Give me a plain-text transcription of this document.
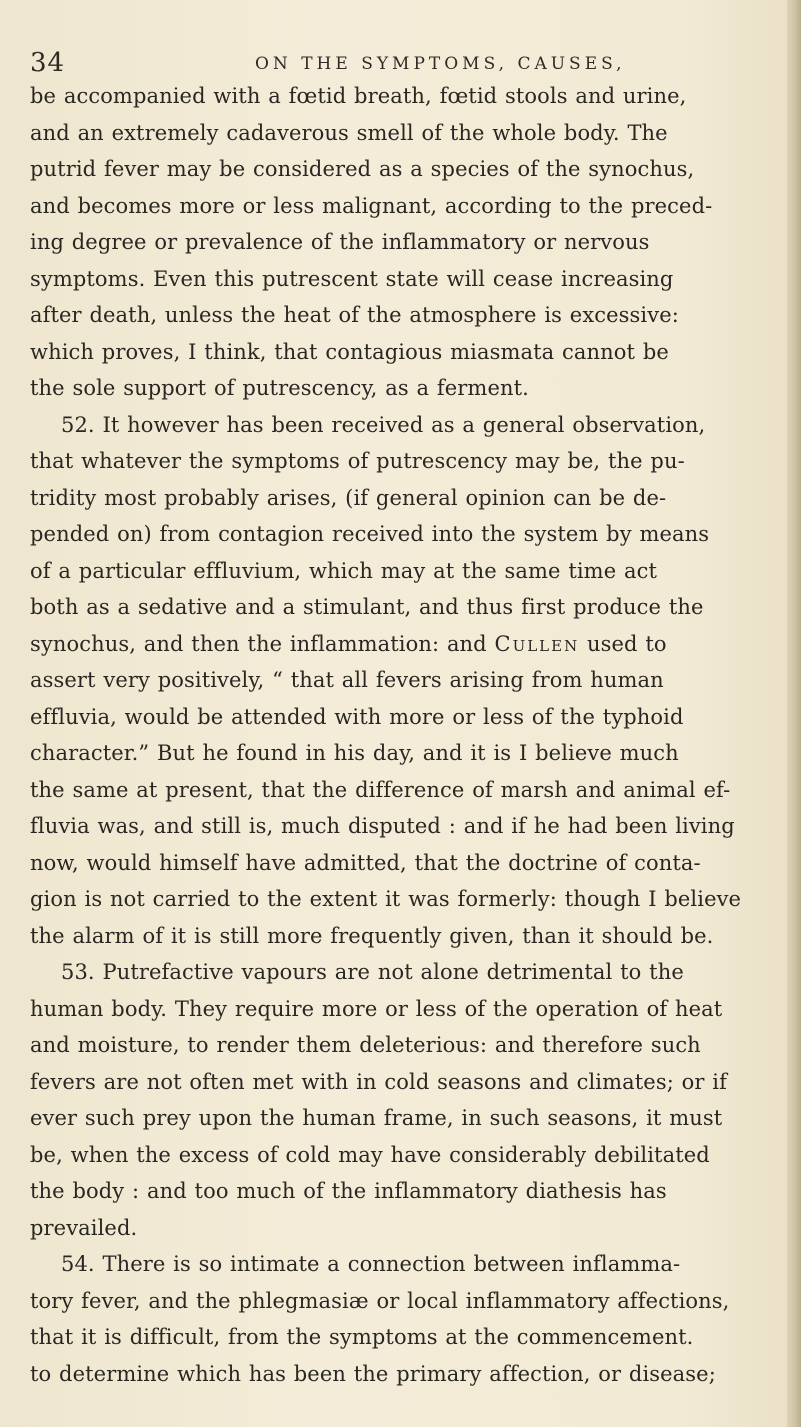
34	ON THE SYMPTOMS, CAUSES,
be accompanied with a fœtid breath, fœtid stools and urine,
and an extremely cadaverous smell of the whole body. The
putrid fever may be considered as a species of the synochus,
and becomes more or less malignant, according to the preced-
ing degree or prevalence of the inflammatory or nervous
symptoms. Even this putrescent state will cease increasing
after death, unless the heat of the atmosphere is excessive:
which proves, I think, that contagious miasmata cannot be
the sole support of putrescency, as a ferment.
52. It however has been received as a general observation,
that whatever the symptoms of putrescency may be, the pu-
tridity most probably arises, (if general opinion can be de-
pended on) from contagion received into the system by means
of a particular effluvium, which may at the same time act
both as a sedative and a stimulant, and thus first produce the
synochus, and then the inflammation: and Cullen used to
assert very positively, “ that all fevers arising from human
effluvia, would be attended with more or less of the typhoid
character.” But he found in his day, and it is I believe much
the same at present, that the difference of marsh and animal ef-
fluvia was, and still is, much disputed : and if he had been living
now, would himself have admitted, that the doctrine of conta-
gion is not carried to the extent it was formerly: though I believe
the alarm of it is still more frequently given, than it should be.
53. Putrefactive vapours are not alone detrimental to the
human body. They require more or less of the operation of heat
and moisture, to render them deleterious: and therefore such
fevers are not often met with in cold seasons and climates; or if
ever such prey upon the human frame, in such seasons, it must
be, when the excess of cold may have considerably debilitated
the body : and too much of the inflammatory diathesis has
prevailed.
54. There is so intimate a connection between inflamma-
tory fever, and the phlegmasiæ or local inflammatory affections,
that it is difficult, from the symptoms at the commencement.
to determine which has been the primary affection, or disease;
